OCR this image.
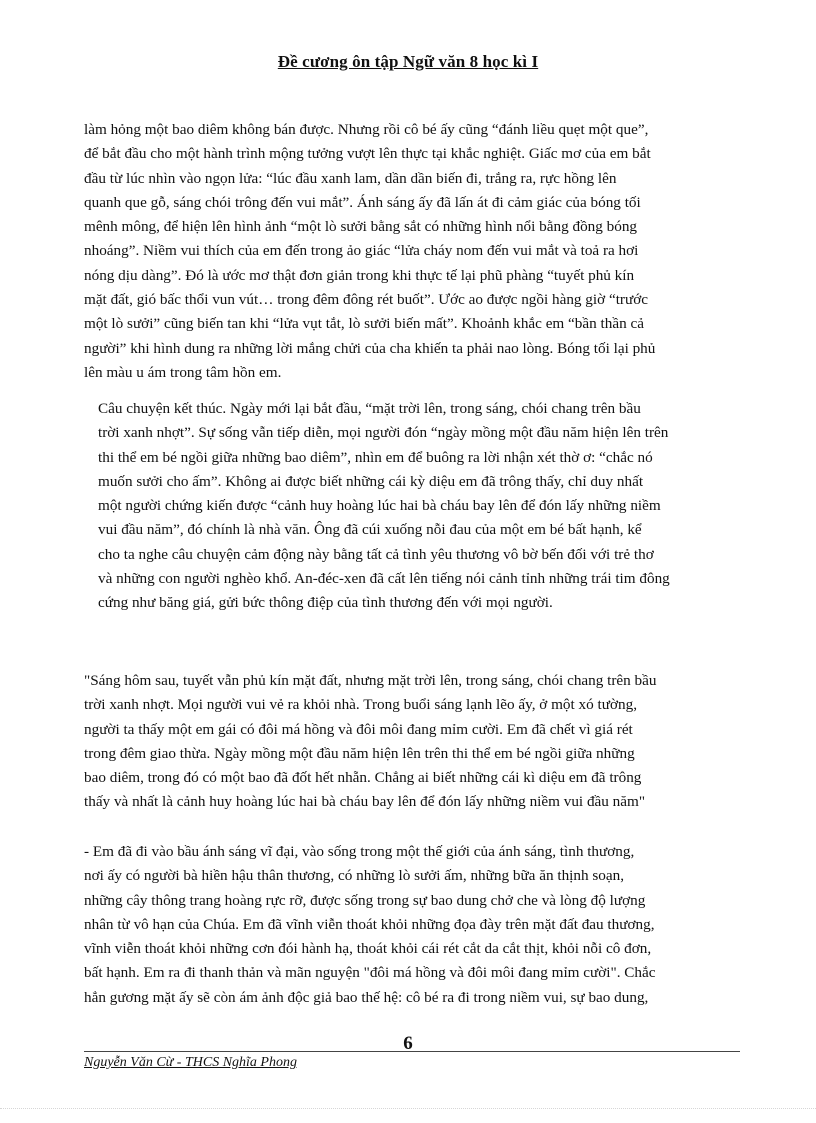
Đề cương ôn tập Ngữ văn 8 học kì I
làm hỏng một bao diêm không bán được. Nhưng rồi cô bé ấy cũng “đánh liều quẹt một que”,
để bắt đầu cho một hành trình mộng tưởng vượt lên thực tại khắc nghiệt. Giấc mơ của em bắt
đầu từ lúc nhìn vào ngọn lửa: “lúc đầu xanh lam, dần dần biến đi, trắng ra, rực hồng lên
quanh que gỗ, sáng chói trông đến vui mắt”. Ánh sáng ấy đã lấn át đi cảm giác của bóng tối
mênh mông, để hiện lên hình ảnh “một lò sưởi bằng sắt có những hình nổi bằng đồng bóng
nhoáng”. Niềm vui thích của em đến trong ảo giác “lửa cháy nom đến vui mắt và toả ra hơi
nóng dịu dàng”. Đó là ước mơ thật đơn giản trong khi thực tế lại phũ phàng “tuyết phủ kín
mặt đất, gió bấc thổi vun vút… trong đêm đông rét buốt”. Ước ao được ngồi hàng giờ “trước
một lò sưởi” cũng biến tan khi “lửa vụt tắt, lò sưởi biến mất”. Khoảnh khắc em “bần thần cả
người” khi hình dung ra những lời mắng chửi của cha khiến ta phải nao lòng. Bóng tối lại phủ
lên màu u ám trong tâm hồn em.
Câu chuyện kết thúc. Ngày mới lại bắt đầu, “mặt trời lên, trong sáng, chói chang trên bầu
trời xanh nhợt”. Sự sống vẫn tiếp diễn, mọi người đón “ngày mồng một đầu năm hiện lên trên
thi thể em bé ngồi giữa những bao diêm”, nhìn em để buông ra lời nhận xét thờ ơ: “chắc nó
muốn sưởi cho ấm”. Không ai được biết những cái kỳ diệu em đã trông thấy, chỉ duy nhất
một người chứng kiến được “cảnh huy hoàng lúc hai bà cháu bay lên để đón lấy những niềm
vui đầu năm”, đó chính là nhà văn. Ông đã cúi xuống nỗi đau của một em bé bất hạnh, kể
cho ta nghe câu chuyện cảm động này bằng tất cả tình yêu thương vô bờ bến đối với trẻ thơ
và những con người nghèo khổ. An-đéc-xen đã cất lên tiếng nói cảnh tỉnh những trái tim đông
cứng như băng giá, gửi bức thông điệp của tình thương đến với mọi người.
"Sáng hôm sau, tuyết vẫn phủ kín mặt đất, nhưng mặt trời lên, trong sáng, chói chang trên bầu
trời xanh nhợt. Mọi người vui vẻ ra khỏi nhà. Trong buổi sáng lạnh lẽo ấy, ở một xó tường,
người ta thấy một em gái có đôi má hồng và đôi môi đang mỉm cười. Em đã chết vì giá rét
trong đêm giao thừa. Ngày mồng một đầu năm hiện lên trên thi thể em bé ngồi giữa những
bao diêm, trong đó có một bao đã đốt hết nhẵn. Chẳng ai biết những cái kì diệu em đã trông
thấy và nhất là cảnh huy hoàng lúc hai bà cháu bay lên để đón lấy những niềm vui đầu năm"
- Em đã đi vào bầu ánh sáng vĩ đại, vào sống trong một thế giới của ánh sáng, tình thương,
nơi ấy có người bà hiền hậu thân thương, có những lò sưởi ấm, những bữa ăn thịnh soạn,
những cây thông trang hoàng rực rỡ, được sống trong sự bao dung chở che và lòng độ lượng
nhân từ vô hạn của Chúa. Em đã vĩnh viễn thoát khỏi những đọa đày trên mặt đất đau thương,
vĩnh viễn thoát khỏi những cơn đói hành hạ, thoát khỏi cái rét cắt da cắt thịt, khỏi nỗi cô đơn,
bất hạnh. Em ra đi thanh thản và mãn nguyện "đôi má hồng và đôi môi đang mỉm cười". Chắc
hẳn gương mặt ấy sẽ còn ám ảnh độc giả bao thế hệ: cô bé ra đi trong niềm vui, sự bao dung,
6
Nguyễn Văn Cừ - THCS Nghĩa Phong
